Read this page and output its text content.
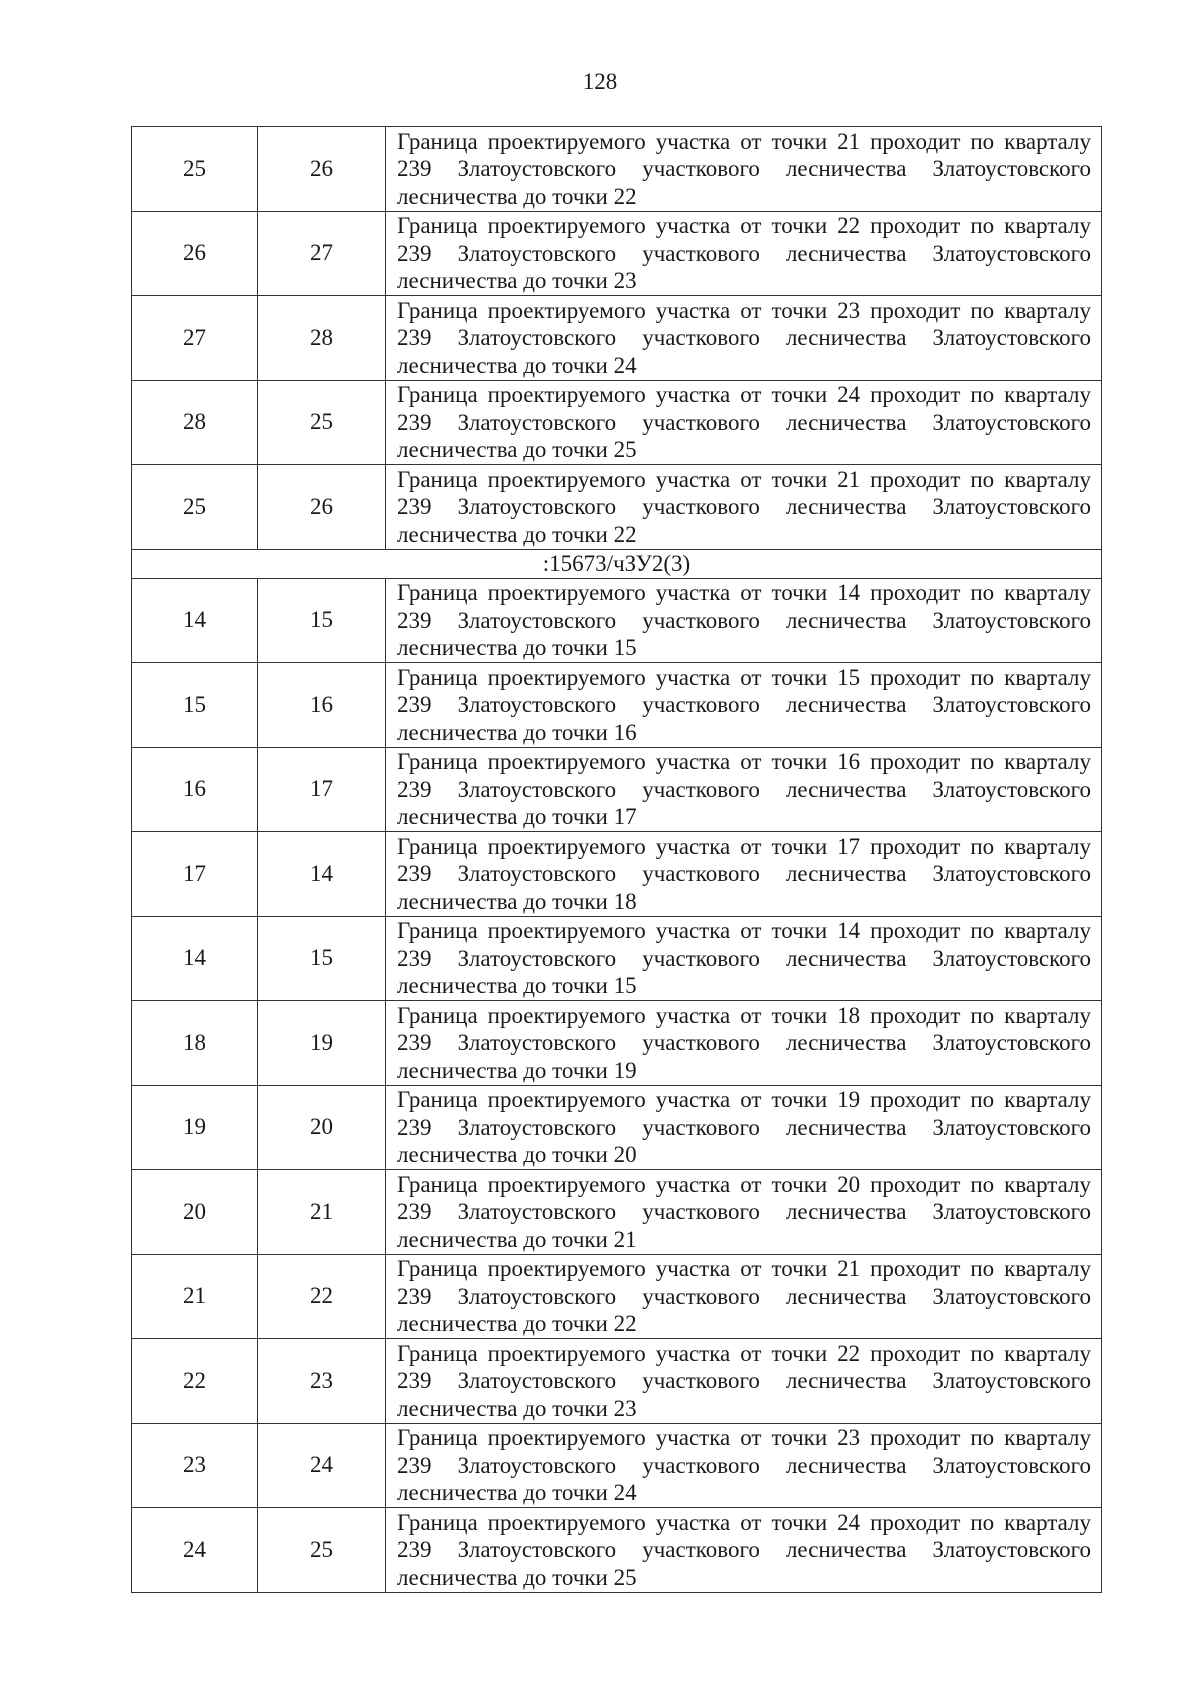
128
25	26	Граница проектируемого участка от точки 21 проходит по кварталу 239 Златоустовского участкового лесничества Златоустовского лесничества до точки 22
26	27	Граница проектируемого участка от точки 22 проходит по кварталу 239 Златоустовского участкового лесничества Златоустовского лесничества до точки 23
27	28	Граница проектируемого участка от точки 23 проходит по кварталу 239 Златоустовского участкового лесничества Златоустовского лесничества до точки 24
28	25	Граница проектируемого участка от точки 24 проходит по кварталу 239 Златоустовского участкового лесничества Златоустовского лесничества до точки 25
25	26	Граница проектируемого участка от точки 21 проходит по кварталу 239 Златоустовского участкового лесничества Златоустовского лесничества до точки 22
:15673/чЗУ2(3)		
14	15	Граница проектируемого участка от точки 14 проходит по кварталу 239 Златоустовского участкового лесничества Златоустовского лесничества до точки 15
15	16	Граница проектируемого участка от точки 15 проходит по кварталу 239 Златоустовского участкового лесничества Златоустовского лесничества до точки 16
16	17	Граница проектируемого участка от точки 16 проходит по кварталу 239 Златоустовского участкового лесничества Златоустовского лесничества до точки 17
17	14	Граница проектируемого участка от точки 17 проходит по кварталу 239 Златоустовского участкового лесничества Златоустовского лесничества до точки 18
14	15	Граница проектируемого участка от точки 14 проходит по кварталу 239 Златоустовского участкового лесничества Златоустовского лесничества до точки 15
18	19	Граница проектируемого участка от точки 18 проходит по кварталу 239 Златоустовского участкового лесничества Златоустовского лесничества до точки 19
19	20	Граница проектируемого участка от точки 19 проходит по кварталу 239 Златоустовского участкового лесничества Златоустовского лесничества до точки 20
20	21	Граница проектируемого участка от точки 20 проходит по кварталу 239 Златоустовского участкового лесничества Златоустовского лесничества до точки 21
21	22	Граница проектируемого участка от точки 21 проходит по кварталу 239 Златоустовского участкового лесничества Златоустовского лесничества до точки 22
22	23	Граница проектируемого участка от точки 22 проходит по кварталу 239 Златоустовского участкового лесничества Златоустовского лесничества до точки 23
23	24	Граница проектируемого участка от точки 23 проходит по кварталу 239 Златоустовского участкового лесничества Златоустовского лесничества до точки 24
24	25	Граница проектируемого участка от точки 24 проходит по кварталу 239 Златоустовского участкового лесничества Златоустовского лесничества до точки 25
